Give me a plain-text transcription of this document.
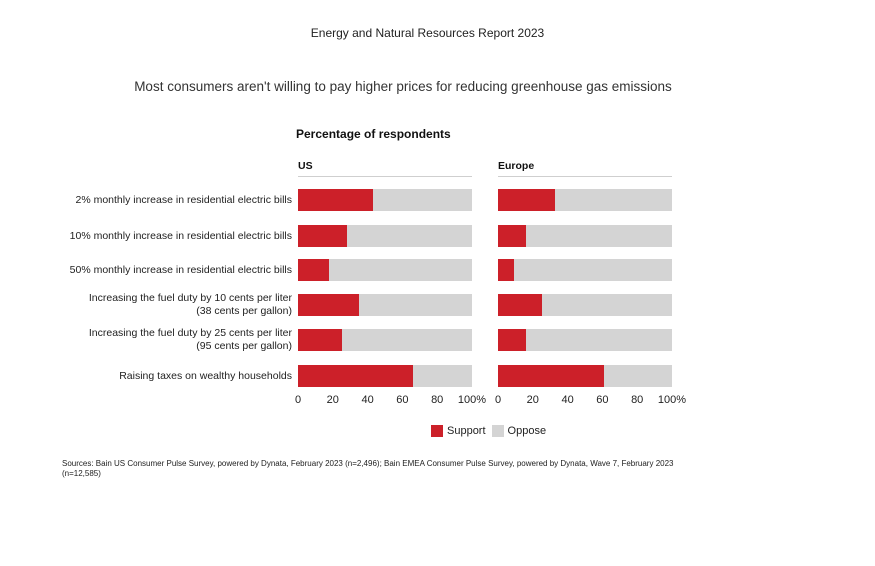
Energy and Natural Resources Report 2023
Most consumers aren't willing to pay higher prices for reducing greenhouse gas emissions
Percentage of respondents
2% monthly increase in residential electric bills
10% monthly increase in residential electric bills
50% monthly increase in residential electric bills
Increasing the fuel duty by 10 cents per liter
(38 cents per gallon)
Increasing the fuel duty by 25 cents per liter
(95 cents per gallon)
Raising taxes on wealthy households
US
0 20 40 60 80 100%
Europe
0 20 40 60 80 100%
Support Oppose
Sources: Bain US Consumer Pulse Survey, powered by Dynata, February 2023 (n=2,496); Bain EMEA Consumer Pulse Survey, powered by Dynata, Wave 7, February 2023 (n=12,585)
